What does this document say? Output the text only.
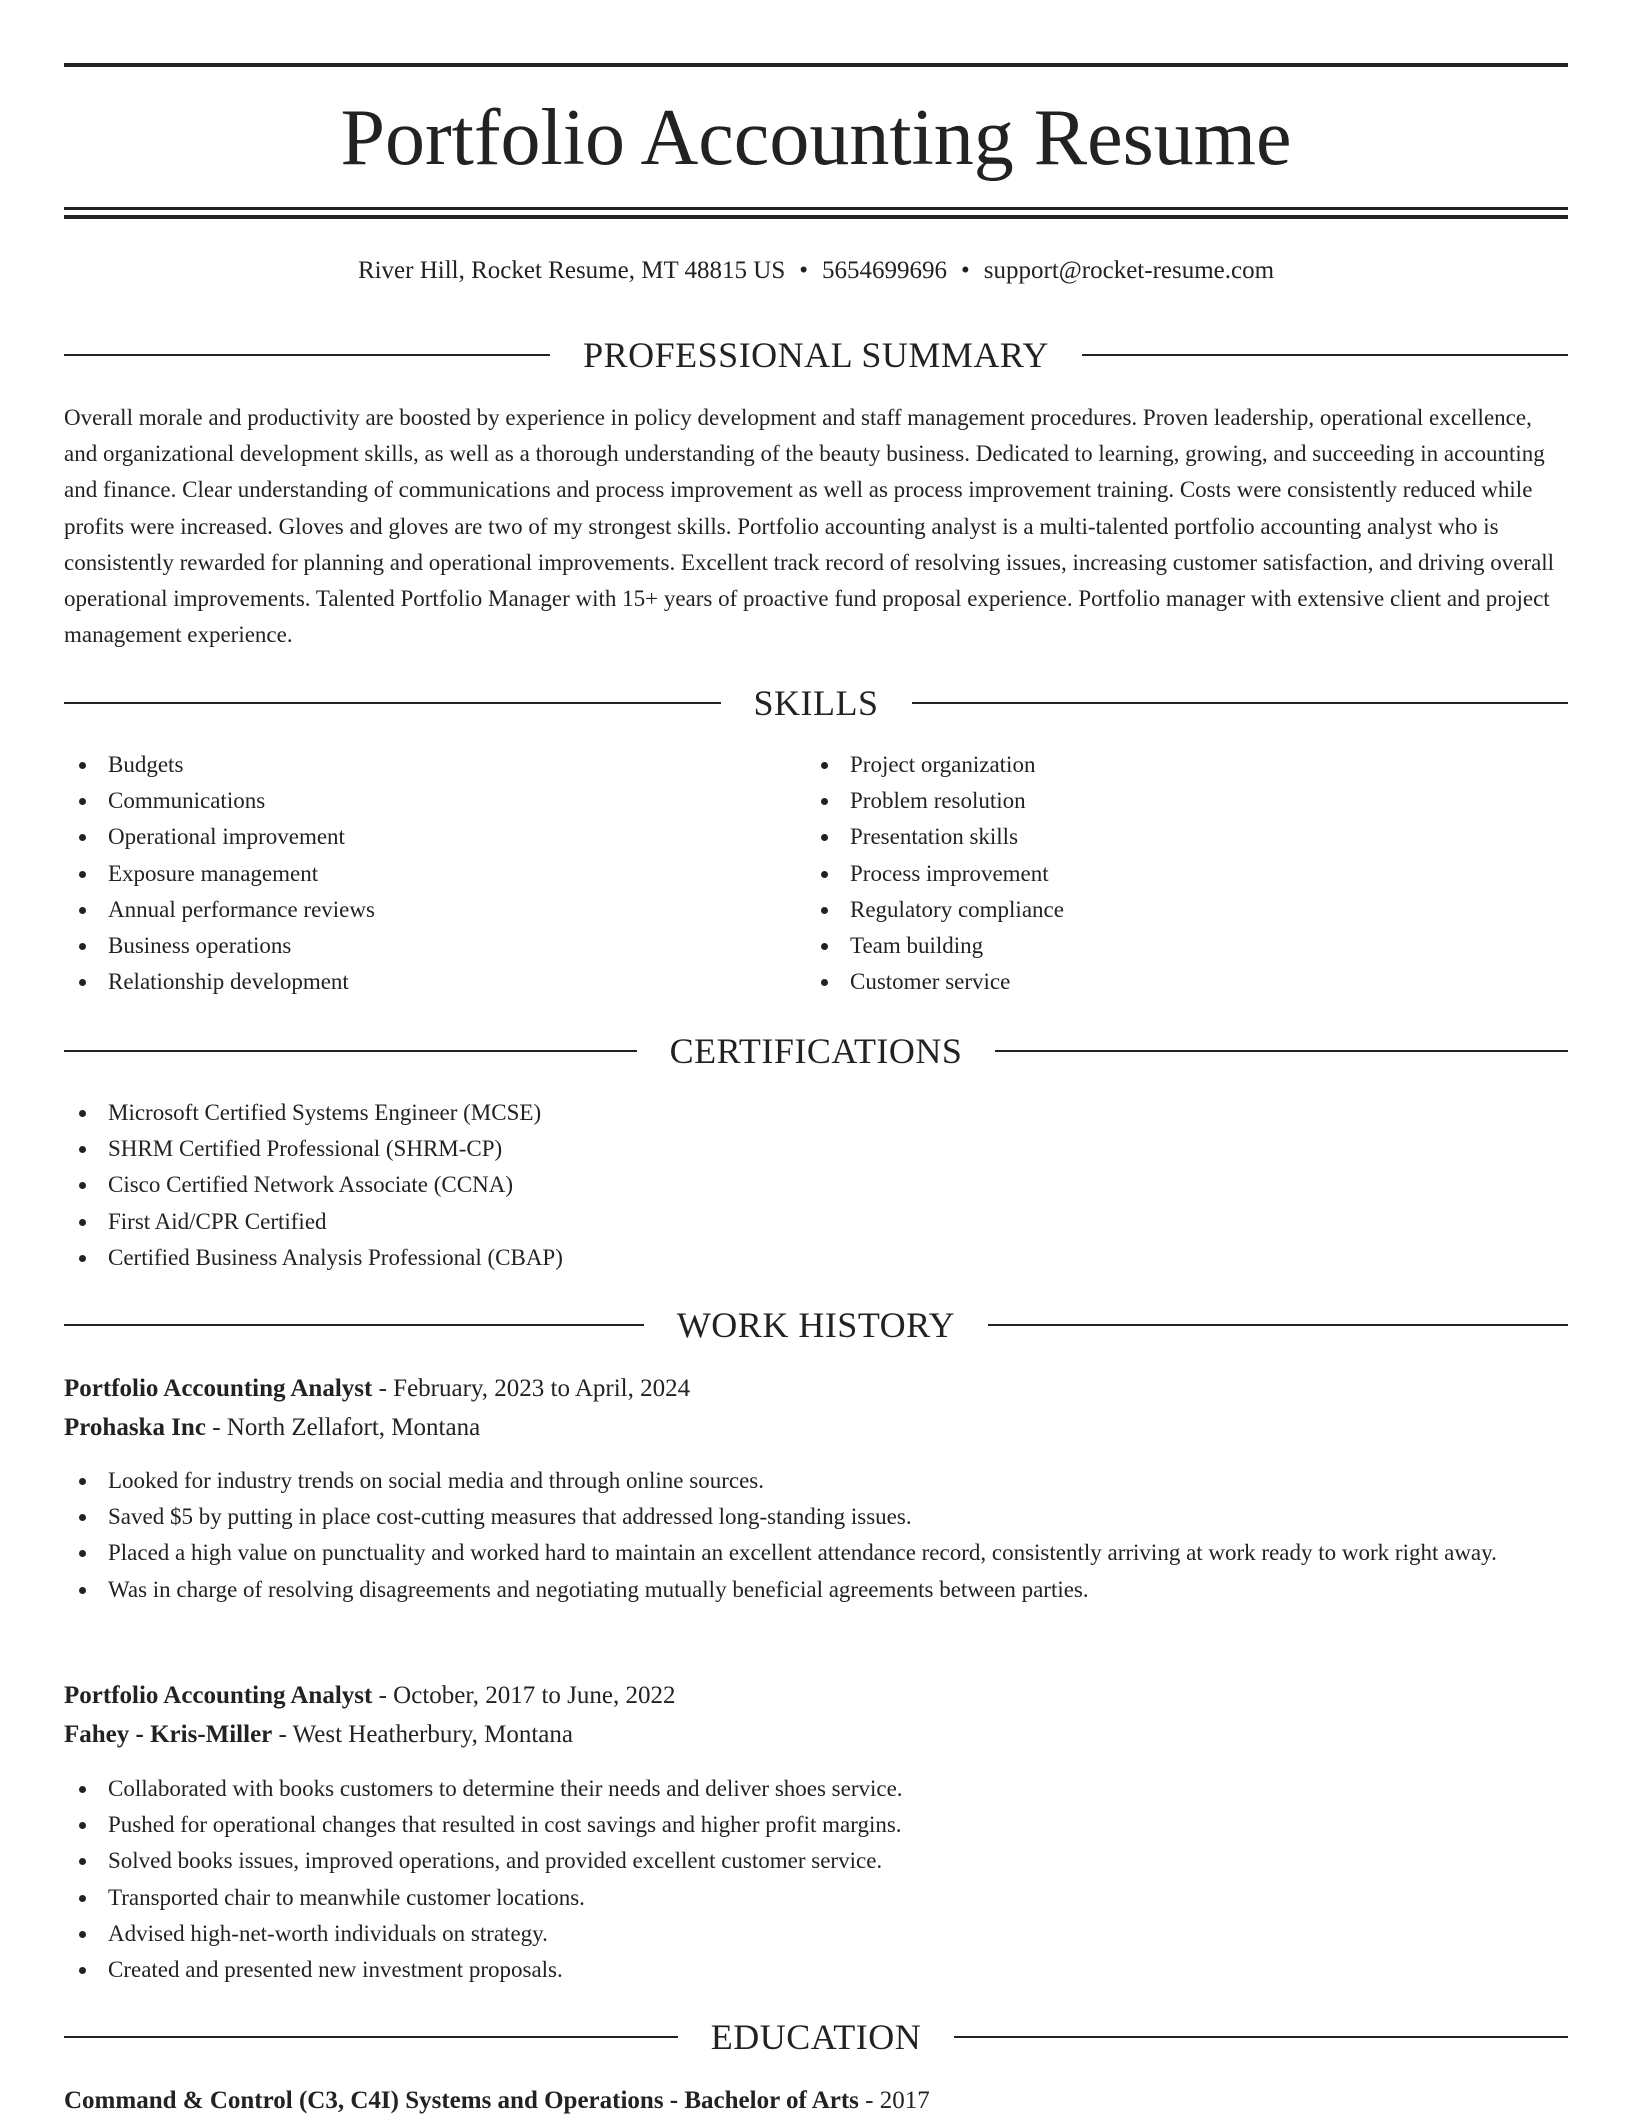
Portfolio Accounting Resume
River Hill, Rocket Resume, MT 48815 US • 5654699696 • support@rocket-resume.com
PROFESSIONAL SUMMARY

Overall morale and productivity are boosted by experience in policy development and staff management procedures. Proven leadership, operational excellence, and organizational development skills, as well as a thorough understanding of the beauty business. Dedicated to learning, growing, and succeeding in accounting and finance. Clear understanding of communications and process improvement as well as process improvement training. Costs were consistently reduced while profits were increased. Gloves and gloves are two of my strongest skills. Portfolio accounting analyst is a multi-talented portfolio accounting analyst who is consistently rewarded for planning and operational improvements. Excellent track record of resolving issues, increasing customer satisfaction, and driving overall operational improvements. Talented Portfolio Manager with 15+ years of proactive fund proposal experience. Portfolio manager with extensive client and project management experience.

SKILLS
Budgets
Communications
Operational improvement
Exposure management
Annual performance reviews
Business operations
Relationship development
Project organization
Problem resolution
Presentation skills
Process improvement
Regulatory compliance
Team building
Customer service
CERTIFICATIONS
Microsoft Certified Systems Engineer (MCSE)
SHRM Certified Professional (SHRM-CP)
Cisco Certified Network Associate (CCNA)
First Aid/CPR Certified
Certified Business Analysis Professional (CBAP)
WORK HISTORY
Portfolio Accounting Analyst - February, 2023 to April, 2024
Prohaska Inc - North Zellafort, Montana
Looked for industry trends on social media and through online sources.
Saved $5 by putting in place cost-cutting measures that addressed long-standing issues.
Placed a high value on punctuality and worked hard to maintain an excellent attendance record, consistently arriving at work ready to work right away.
Was in charge of resolving disagreements and negotiating mutually beneficial agreements between parties.
Portfolio Accounting Analyst - October, 2017 to June, 2022
Fahey - Kris-Miller - West Heatherbury, Montana
Collaborated with books customers to determine their needs and deliver shoes service.
Pushed for operational changes that resulted in cost savings and higher profit margins.
Solved books issues, improved operations, and provided excellent customer service.
Transported chair to meanwhile customer locations.
Advised high-net-worth individuals on strategy.
Created and presented new investment proposals.
EDUCATION
Command & Control (C3, C4I) Systems and Operations - Bachelor of Arts - 2017
